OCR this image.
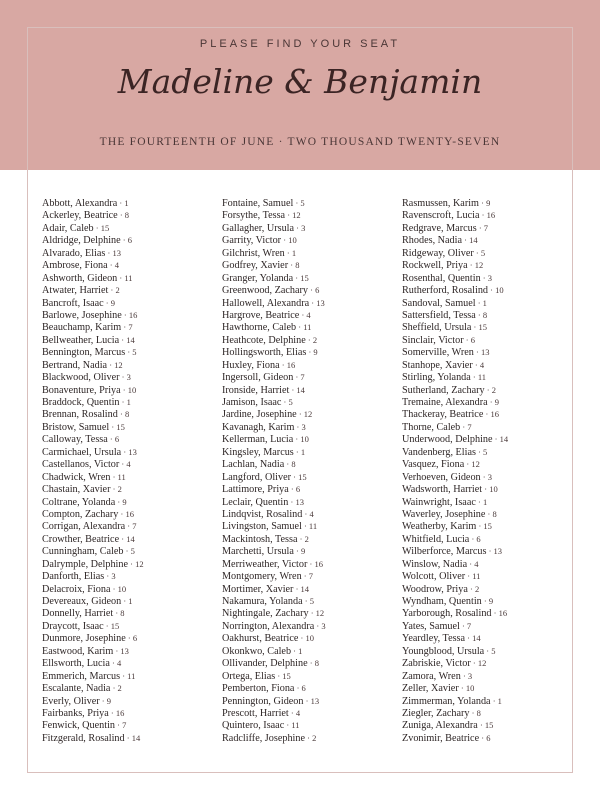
PLEASE FIND YOUR SEAT
Madeline & Benjamin
THE FOURTEENTH OF JUNE · TWO THOUSAND TWENTY-SEVEN
Abbott, Alexandra · 1
Ackerley, Beatrice · 8
Adair, Caleb · 15
Aldridge, Delphine · 6
Alvarado, Elias · 13
Ambrose, Fiona · 4
Ashworth, Gideon · 11
Atwater, Harriet · 2
Bancroft, Isaac · 9
Barlowe, Josephine · 16
Beauchamp, Karim · 7
Bellweather, Lucia · 14
Bennington, Marcus · 5
Bertrand, Nadia · 12
Blackwood, Oliver · 3
Bonaventure, Priya · 10
Braddock, Quentin · 1
Brennan, Rosalind · 8
Bristow, Samuel · 15
Calloway, Tessa · 6
Carmichael, Ursula · 13
Castellanos, Victor · 4
Chadwick, Wren · 11
Chastain, Xavier · 2
Coltrane, Yolanda · 9
Compton, Zachary · 16
Corrigan, Alexandra · 7
Crowther, Beatrice · 14
Cunningham, Caleb · 5
Dalrymple, Delphine · 12
Danforth, Elias · 3
Delacroix, Fiona · 10
Devereaux, Gideon · 1
Donnelly, Harriet · 8
Draycott, Isaac · 15
Dunmore, Josephine · 6
Eastwood, Karim · 13
Ellsworth, Lucia · 4
Emmerich, Marcus · 11
Escalante, Nadia · 2
Everly, Oliver · 9
Fairbanks, Priya · 16
Fenwick, Quentin · 7
Fitzgerald, Rosalind · 14
Fontaine, Samuel · 5
Forsythe, Tessa · 12
Gallagher, Ursula · 3
Garrity, Victor · 10
Gilchrist, Wren · 1
Godfrey, Xavier · 8
Granger, Yolanda · 15
Greenwood, Zachary · 6
Hallowell, Alexandra · 13
Hargrove, Beatrice · 4
Hawthorne, Caleb · 11
Heathcote, Delphine · 2
Hollingsworth, Elias · 9
Huxley, Fiona · 16
Ingersoll, Gideon · 7
Ironside, Harriet · 14
Jamison, Isaac · 5
Jardine, Josephine · 12
Kavanagh, Karim · 3
Kellerman, Lucia · 10
Kingsley, Marcus · 1
Lachlan, Nadia · 8
Langford, Oliver · 15
Lattimore, Priya · 6
Leclair, Quentin · 13
Lindqvist, Rosalind · 4
Livingston, Samuel · 11
Mackintosh, Tessa · 2
Marchetti, Ursula · 9
Merriweather, Victor · 16
Montgomery, Wren · 7
Mortimer, Xavier · 14
Nakamura, Yolanda · 5
Nightingale, Zachary · 12
Norrington, Alexandra · 3
Oakhurst, Beatrice · 10
Okonkwo, Caleb · 1
Ollivander, Delphine · 8
Ortega, Elias · 15
Pemberton, Fiona · 6
Pennington, Gideon · 13
Prescott, Harriet · 4
Quintero, Isaac · 11
Radcliffe, Josephine · 2
Rasmussen, Karim · 9
Ravenscroft, Lucia · 16
Redgrave, Marcus · 7
Rhodes, Nadia · 14
Ridgeway, Oliver · 5
Rockwell, Priya · 12
Rosenthal, Quentin · 3
Rutherford, Rosalind · 10
Sandoval, Samuel · 1
Sattersfield, Tessa · 8
Sheffield, Ursula · 15
Sinclair, Victor · 6
Somerville, Wren · 13
Stanhope, Xavier · 4
Stirling, Yolanda · 11
Sutherland, Zachary · 2
Tremaine, Alexandra · 9
Thackeray, Beatrice · 16
Thorne, Caleb · 7
Underwood, Delphine · 14
Vandenberg, Elias · 5
Vasquez, Fiona · 12
Verhoeven, Gideon · 3
Wadsworth, Harriet · 10
Wainwright, Isaac · 1
Waverley, Josephine · 8
Weatherby, Karim · 15
Whitfield, Lucia · 6
Wilberforce, Marcus · 13
Winslow, Nadia · 4
Wolcott, Oliver · 11
Woodrow, Priya · 2
Wyndham, Quentin · 9
Yarborough, Rosalind · 16
Yates, Samuel · 7
Yeardley, Tessa · 14
Youngblood, Ursula · 5
Zabriskie, Victor · 12
Zamora, Wren · 3
Zeller, Xavier · 10
Zimmerman, Yolanda · 1
Ziegler, Zachary · 8
Zuniga, Alexandra · 15
Zvonimir, Beatrice · 6
